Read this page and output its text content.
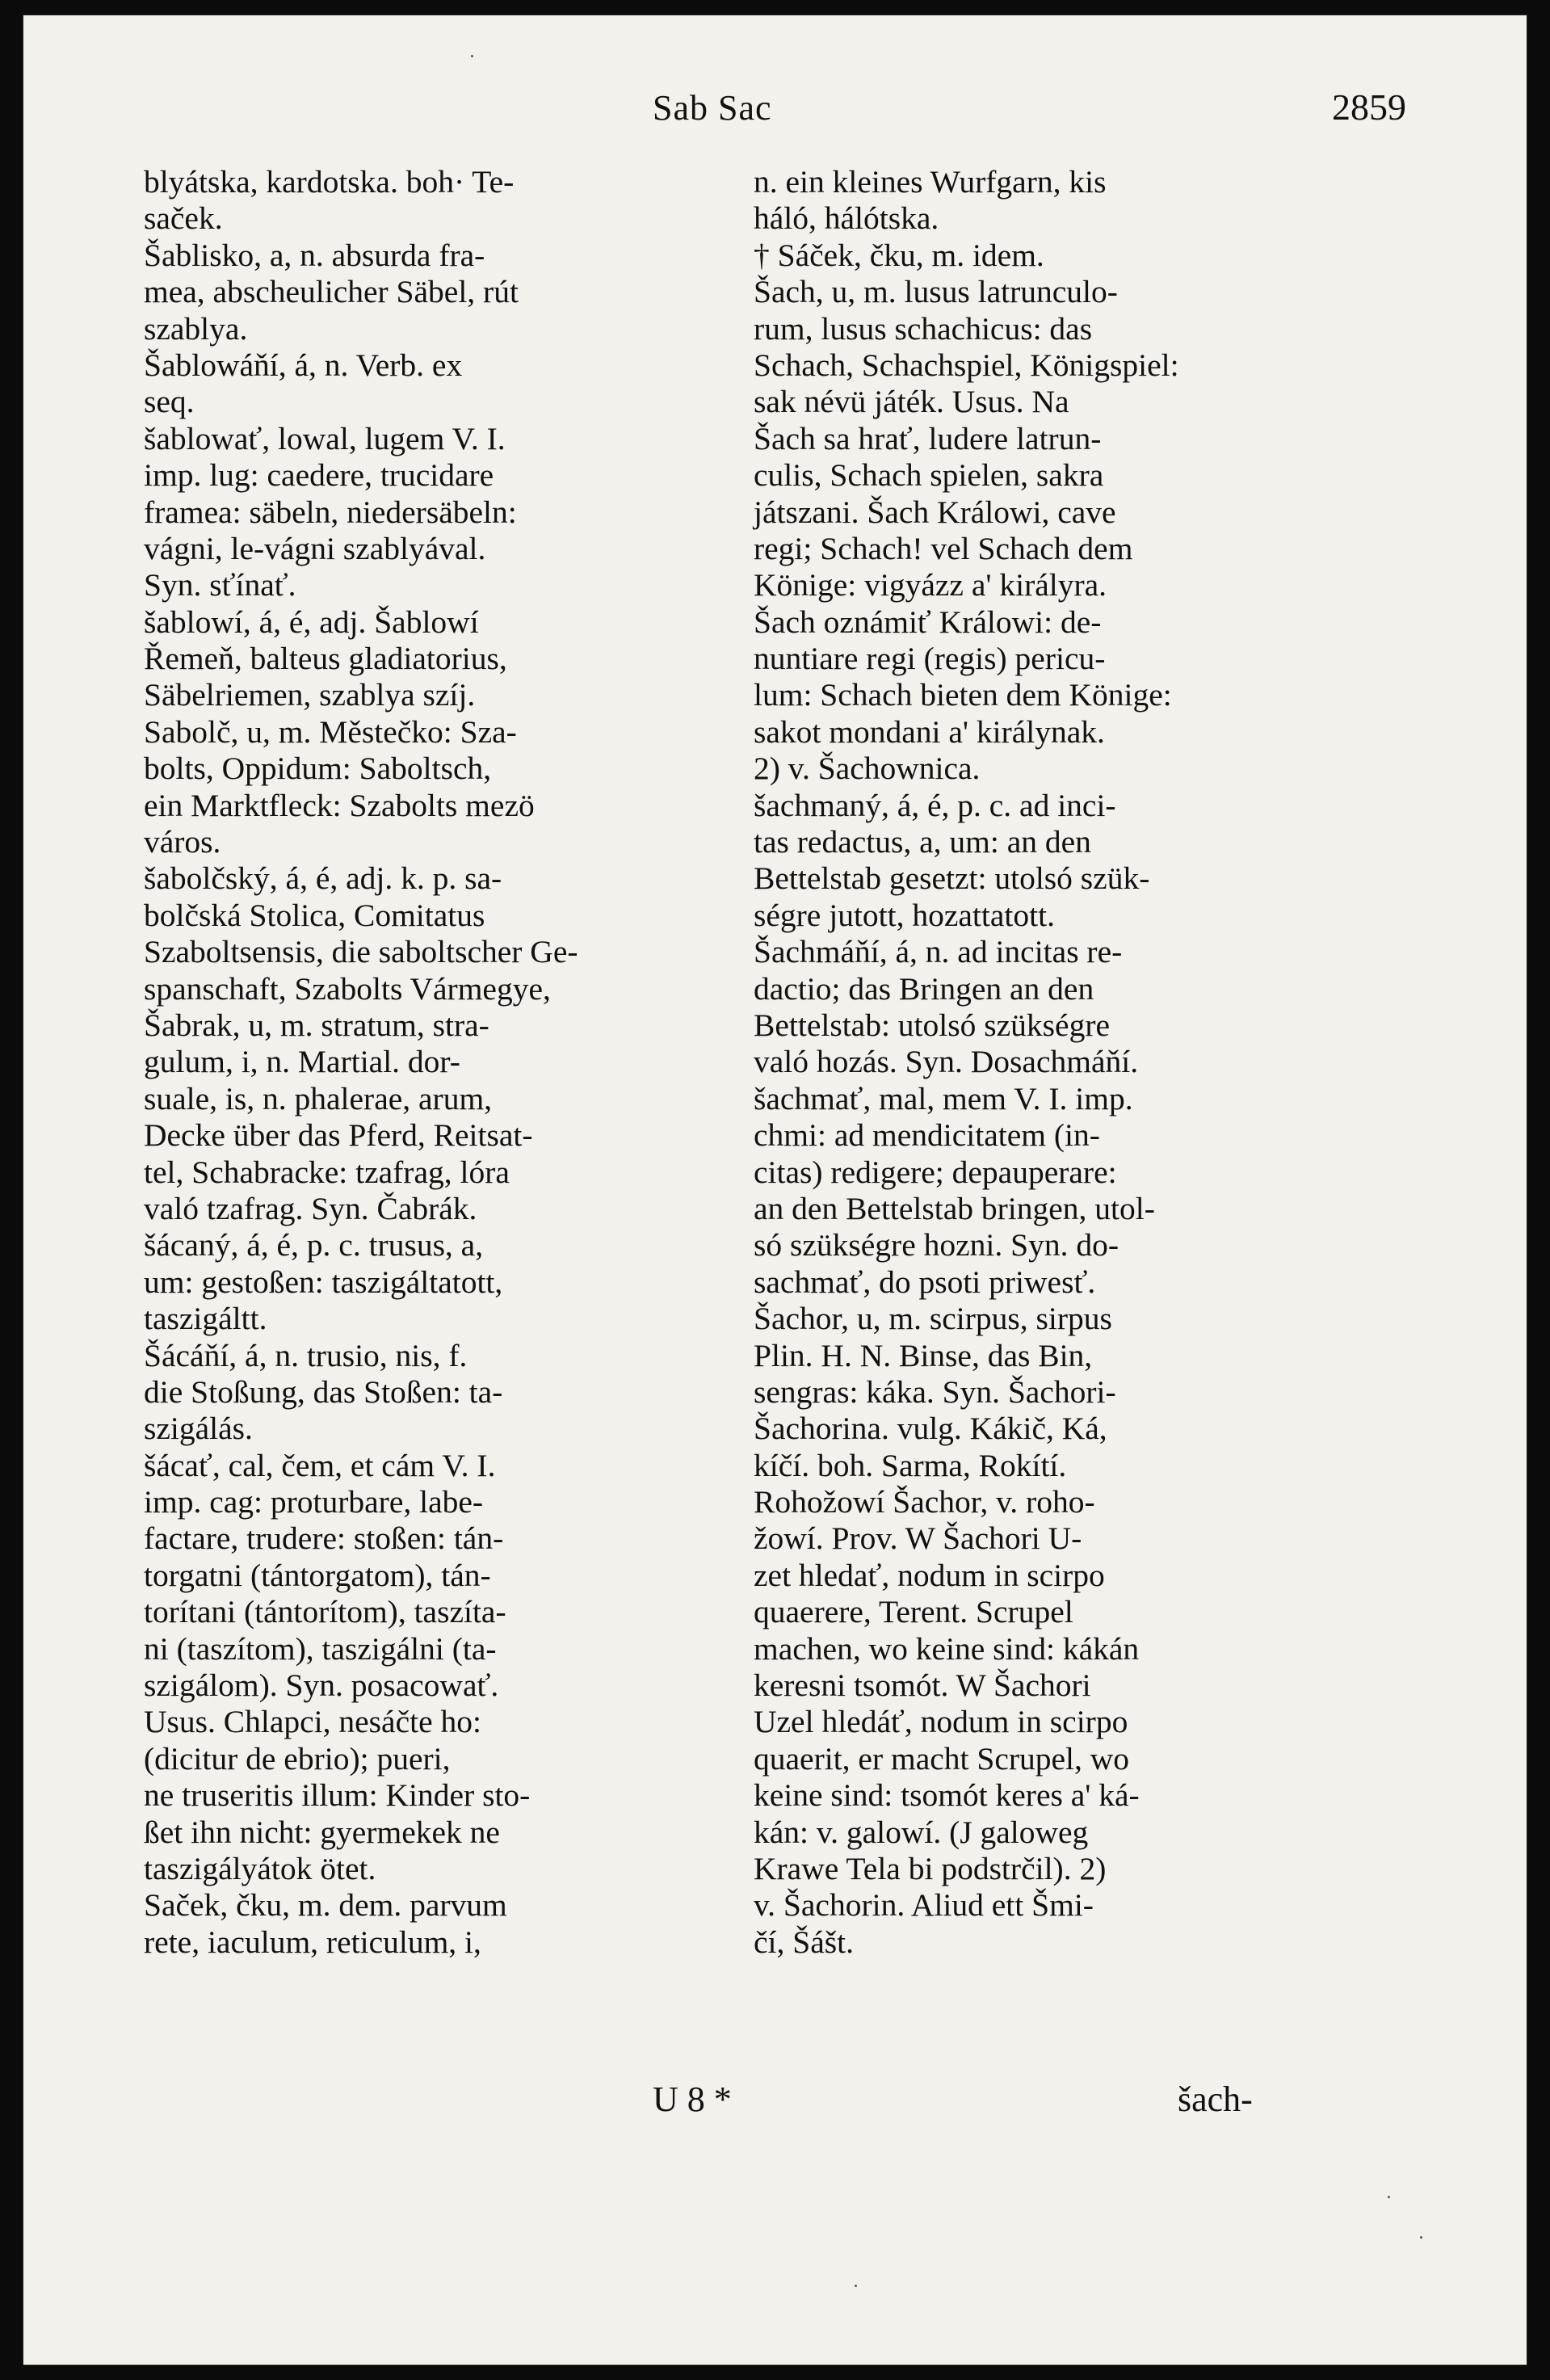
Sab Sac	2859
blyátska, kardotska. boh· Te-
saček.
Šablisko, a, n. absurda fra-
mea, abscheulicher Säbel, rút
szablya.
Šablowáňí, á, n. Verb. ex
seq.
šablowať, lowal, lugem V. I.
imp. lug: caedere, trucidare
framea: säbeln, niedersäbeln:
vágni, le-vágni szablyával.
Syn. sťínať.
šablowí, á, é, adj. Šablowí
Řemeň, balteus gladiatorius,
Säbelriemen, szablya szíj.
Sabolč, u, m. Městečko: Sza-
bolts, Oppidum: Saboltsch,
ein Marktfleck: Szabolts mezö
város.
šabolčský, á, é, adj. k. p. sa-
bolčská Stolica, Comitatus
Szaboltsensis, die saboltscher Ge-
spanschaft, Szabolts Vármegye,
Šabrak, u, m. stratum, stra-
gulum, i, n. Martial. dor-
suale, is, n. phalerae, arum,
Decke über das Pferd, Reitsat-
tel, Schabracke: tzafrag, lóra
való tzafrag. Syn. Čabrák.
šácaný, á, é, p. c. trusus, a,
um: gestoßen: taszigáltatott,
taszigáltt.
Šácáňí, á, n. trusio, nis, f.
die Stoßung, das Stoßen: ta-
szigálás.
šácať, cal, čem, et cám V. I.
imp. cag: proturbare, labe-
factare, trudere: stoßen: tán-
torgatni (tántorgatom), tán-
torítani (tántorítom), taszíta-
ni (taszítom), taszigálni (ta-
szigálom). Syn. posacowať.
Usus. Chlapci, nesáčte ho:
(dicitur de ebrio); pueri,
ne truseritis illum: Kinder sto-
ßet ihn nicht: gyermekek ne
taszigályátok ötet.
Saček, čku, m. dem. parvum
rete, iaculum, reticulum, i,
n. ein kleines Wurfgarn, kis
háló, hálótska.
† Sáček, čku, m. idem.
Šach, u, m. lusus latrunculo-
rum, lusus schachicus: das
Schach, Schachspiel, Königspiel:
sak névü játék. Usus. Na
Šach sa hrať, ludere latrun-
culis, Schach spielen, sakra
játszani. Šach Králowi, cave
regi; Schach! vel Schach dem
Könige: vigyázz a' királyra.
Šach oznámiť Králowi: de-
nuntiare regi (regis) pericu-
lum: Schach bieten dem Könige:
sakot mondani a' királynak.
2) v. Šachownica.
šachmaný, á, é, p. c. ad inci-
tas redactus, a, um: an den
Bettelstab gesetzt: utolsó szük-
ségre jutott, hozattatott.
Šachmáňí, á, n. ad incitas re-
dactio; das Bringen an den
Bettelstab: utolsó szükségre
való hozás. Syn. Dosachmáňí.
šachmať, mal, mem V. I. imp.
chmi: ad mendicitatem (in-
citas) redigere; depauperare:
an den Bettelstab bringen, utol-
só szükségre hozni. Syn. do-
sachmať, do psoti priwesť.
Šachor, u, m. scirpus, sirpus
Plin. H. N. Binse, das Bin,
sengras: káka. Syn. Šachori-
Šachorina. vulg. Kákič, Ká,
kíčí. boh. Sarma, Rokítí.
Rohožowí Šachor, v. roho-
žowí. Prov. W Šachori U-
zet hledať, nodum in scirpo
quaerere, Terent. Scrupel
machen, wo keine sind: kákán
keresni tsomót. W Šachori
Uzel hledáť, nodum in scirpo
quaerit, er macht Scrupel, wo
keine sind: tsomót keres a' ká-
kán: v. galowí. (J galoweg
Krawe Tela bi podstrčil). 2)
v. Šachorin. Aliud ett Šmi-
čí, Šášt.
U 8 *	šach-
